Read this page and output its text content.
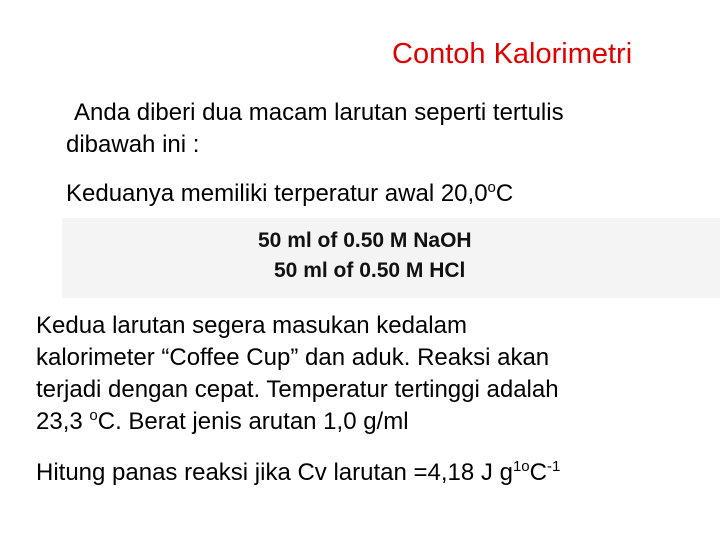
Contoh Kalorimetri
Anda diberi dua macam larutan seperti tertulis
dibawah ini :
Keduanya memiliki terperatur awal 20,0$^o$C
50 ml of 0.50 M NaOH
50 ml of 0.50 M HCl
Kedua larutan segera masukan kedalam
kalorimeter “Coffee Cup” dan aduk. Reaksi akan
terjadi dengan cepat. Temperatur tertinggi adalah
23,3 $^o$C. Berat jenis arutan 1,0 g/ml
Hitung panas reaksi jika Cv larutan =4,18 J $g^{1o}C^{-1}$
